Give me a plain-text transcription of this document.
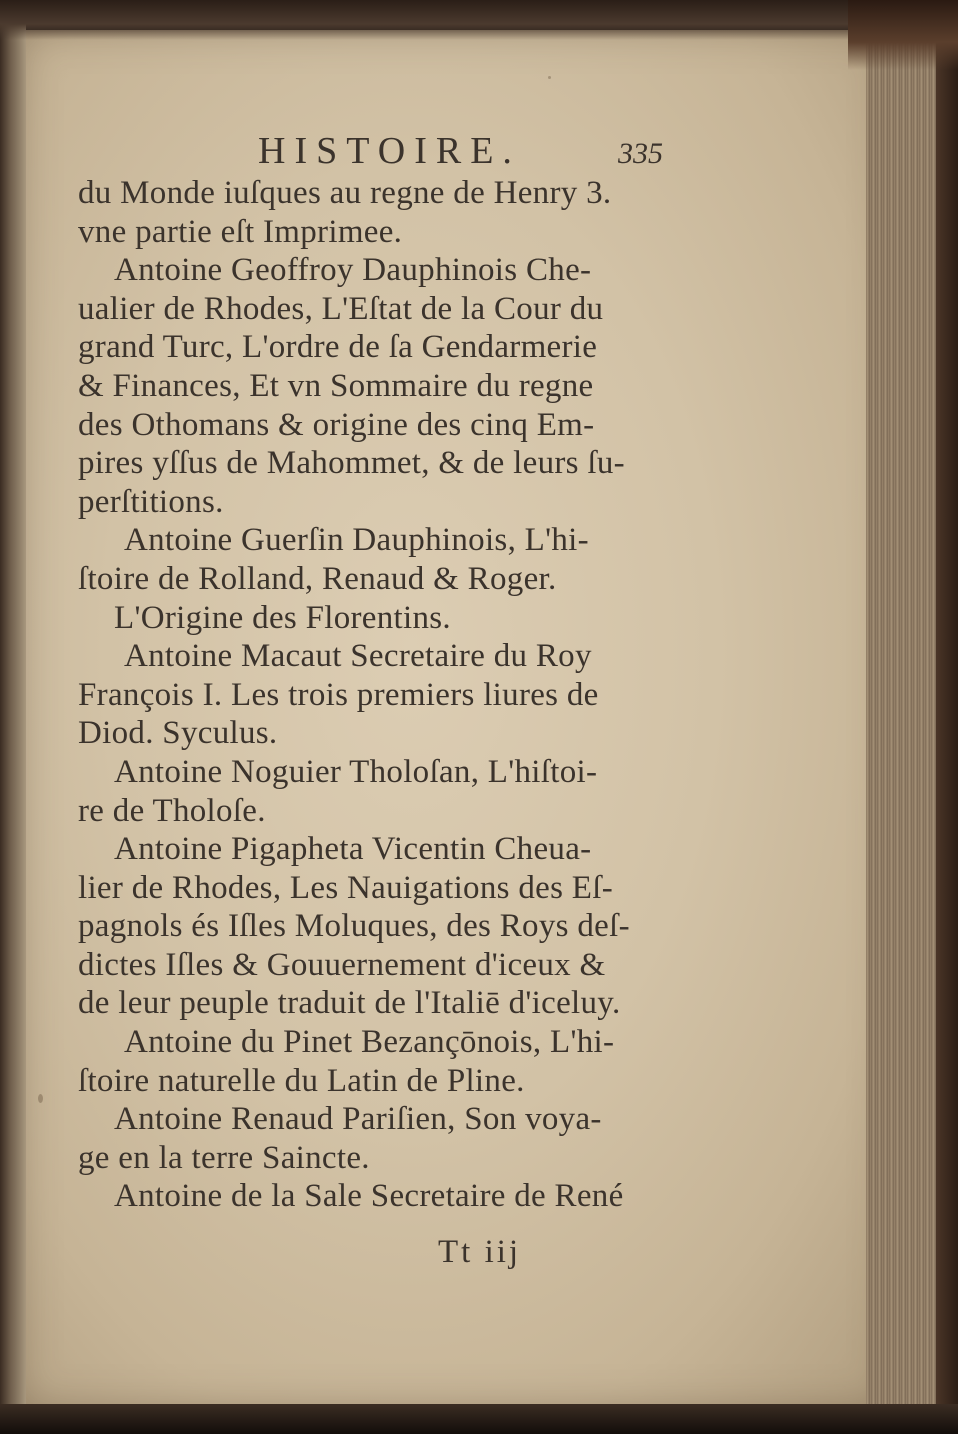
HISTOIRE.	335
du Monde iuſques au regne de Henry 3.
vne partie eſt Imprimee.
Antoine Geoffroy Dauphinois Che-
ualier de Rhodes, L'Eſtat de la Cour du
grand Turc, L'ordre de ſa Gendarmerie
& Finances, Et vn Sommaire du regne
des Othomans & origine des cinq Em-
pires yſſus de Mahommet, & de leurs ſu-
perſtitions.
Antoine Guerſin Dauphinois, L'hi-
ſtoire de Rolland, Renaud & Roger.
L'Origine des Florentins.
Antoine Macaut Secretaire du Roy
François I. Les trois premiers liures de
Diod. Syculus.
Antoine Noguier Tholoſan, L'hiſtoi-
re de Tholoſe.
Antoine Pigapheta Vicentin Cheua-
lier de Rhodes, Les Nauigations des Eſ-
pagnols és Iſles Moluques, des Roys deſ-
dictes Iſles & Gouuernement d'iceux &
de leur peuple traduit de l'Italiē d'iceluy.
Antoine du Pinet Bezançōnois, L'hi-
ſtoire naturelle du Latin de Pline.
Antoine Renaud Pariſien, Son voya-
ge en la terre Saincte.
Antoine de la Sale Secretaire de René
Tt iij
